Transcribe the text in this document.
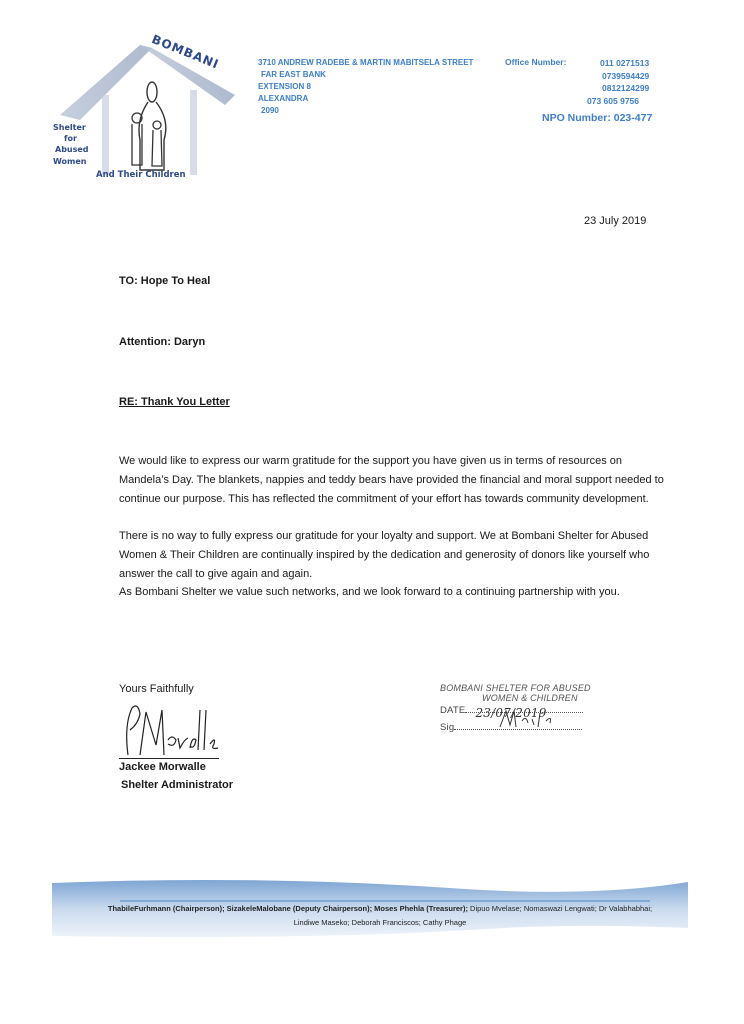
BOMBANI
Shelter
for
Abused
Women
And Their Children
3710 ANDREW RADEBE & MARTIN MABITSELA STREET
FAR EAST BANK
EXTENSION 8
ALEXANDRA
2090
Office Number:	011 0271513
0739594429
0812124299
073 605 9756
NPO Number: 023-477
23 July 2019
TO: Hope To Heal
Attention: Daryn
RE: Thank You Letter
We would like to express our warm gratitude for the support you have given us in terms of resources on Mandela’s Day. The blankets, nappies and teddy bears have provided the financial and moral support needed to continue our purpose. This has reflected the commitment of your effort has towards community development.
There is no way to fully express our gratitude for your loyalty and support. We at Bombani Shelter for Abused Women & Their Children are continually inspired by the dedication and generosity of donors like yourself who answer the call to give again and again.
As Bombani Shelter we value such networks, and we look forward to a continuing partnership with you.
Yours Faithfully
Jackee Morwalle
Shelter Administrator
BOMBANI SHELTER FOR ABUSED
WOMEN & CHILDREN
DATE 23/07/2019
Sig
ThabileFurhmann (Chairperson); SizakeleMalobane (Deputy Chairperson); Moses Phehla (Treasurer); Dipuo Mvelase; Nomaswazi Lengwati; Dr Valabhabhai; Lindiwe Maseko; Deborah Franciscos; Cathy Phage
